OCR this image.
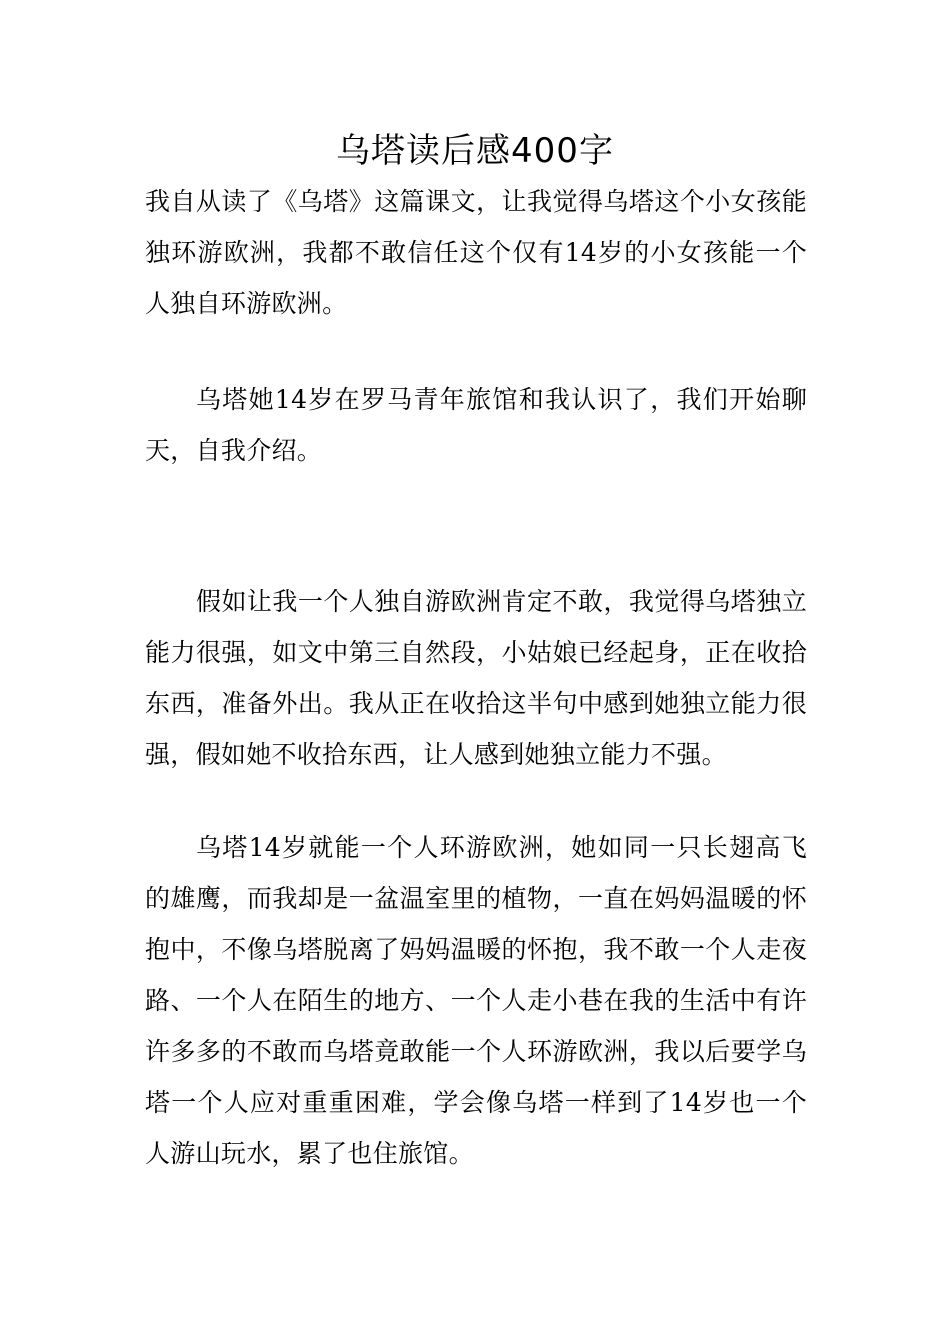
乌塔读后感400字

我自从读了《乌塔》这篇课文，让我觉得乌塔这个小女孩能独环游欧洲，我都不敢信任这个仅有14岁的小女孩能一个人独自环游欧洲。

乌塔她14岁在罗马青年旅馆和我认识了，我们开始聊天，自我介绍。

假如让我一个人独自游欧洲肯定不敢，我觉得乌塔独立能力很强，如文中第三自然段，小姑娘已经起身，正在收拾东西，准备外出。我从正在收拾这半句中感到她独立能力很强，假如她不收拾东西，让人感到她独立能力不强。

乌塔14岁就能一个人环游欧洲，她如同一只长翅高飞的雄鹰，而我却是一盆温室里的植物，一直在妈妈温暖的怀抱中，不像乌塔脱离了妈妈温暖的怀抱，我不敢一个人走夜路、一个人在陌生的地方、一个人走小巷在我的生活中有许许多多的不敢而乌塔竟敢能一个人环游欧洲，我以后要学乌塔一个人应对重重困难，学会像乌塔一样到了14岁也一个人游山玩水，累了也住旅馆。
